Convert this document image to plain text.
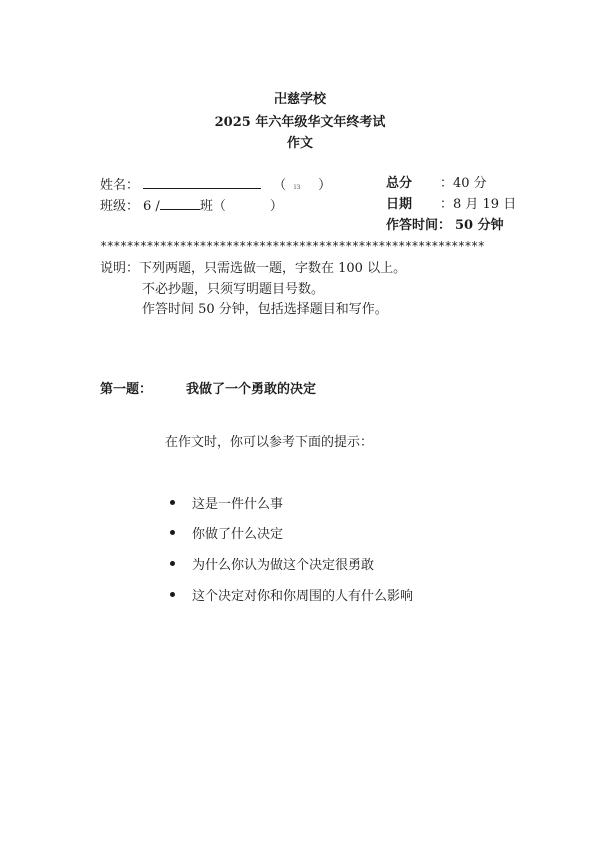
卍慈学校
2025 年六年级华文年终考试
作文
姓名：	（ ıз ）
班级： 6 /	班（	）
总分 ：40 分
日期 ：8 月 19 日
作答时间： 50 分钟
**********************************************************
说明：下列两题，只需选做一题，字数在 100 以上。
不必抄题，只须写明题目号数。
作答时间 50 分钟，包括选择题目和写作。
第一题：	我做了一个勇敢的决定
在作文时，你可以参考下面的提示：
这是一件什么事
你做了什么决定
为什么你认为做这个决定很勇敢
这个决定对你和你周围的人有什么影响
